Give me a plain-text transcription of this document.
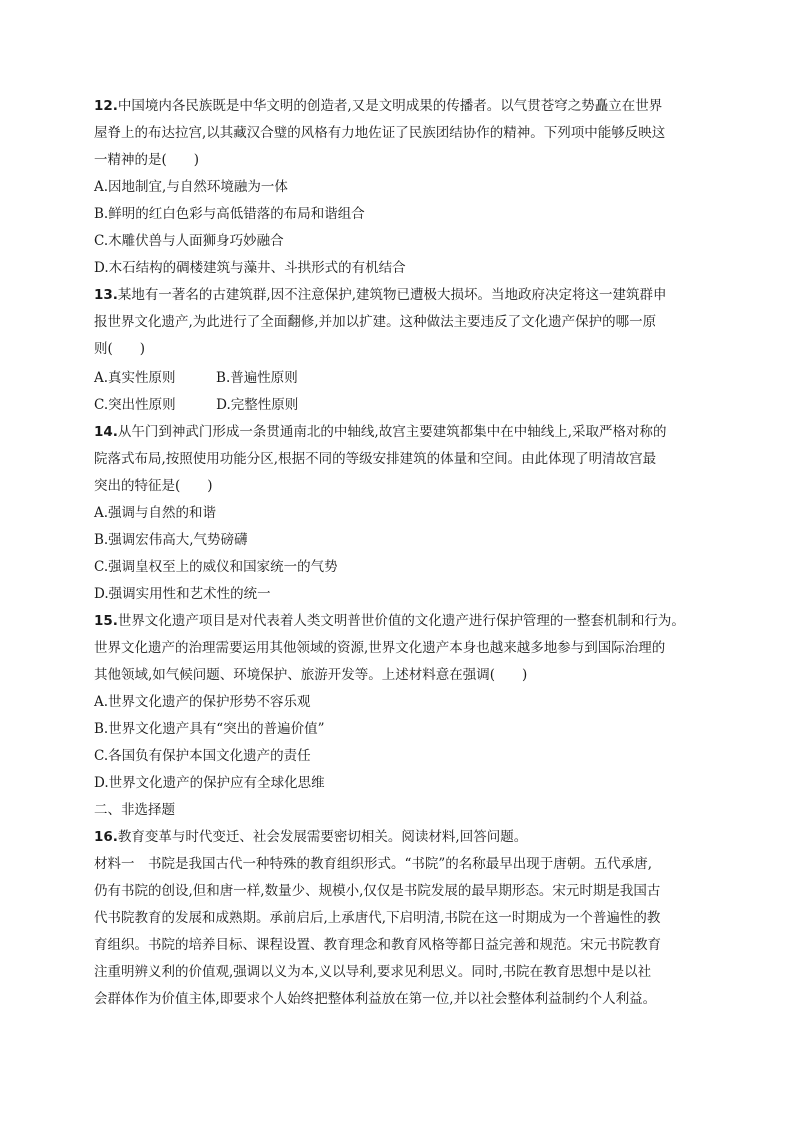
12.中国境内各民族既是中华文明的创造者,又是文明成果的传播者。以气贯苍穹之势矗立在世界
屋脊上的布达拉宫,以其藏汉合璧的风格有力地佐证了民族团结协作的精神。下列项中能够反映这
一精神的是(　　)
A.因地制宜,与自然环境融为一体
B.鲜明的红白色彩与高低错落的布局和谐组合
C.木雕伏兽与人面狮身巧妙融合
D.木石结构的碉楼建筑与藻井、斗拱形式的有机结合
13.某地有一著名的古建筑群,因不注意保护,建筑物已遭极大损坏。当地政府决定将这一建筑群申
报世界文化遗产,为此进行了全面翻修,并加以扩建。这种做法主要违反了文化遗产保护的哪一原
则(　　)
A.真实性原则　　　B.普遍性原则
C.突出性原则　　　D.完整性原则
14.从午门到神武门形成一条贯通南北的中轴线,故宫主要建筑都集中在中轴线上,采取严格对称的
院落式布局,按照使用功能分区,根据不同的等级安排建筑的体量和空间。由此体现了明清故宫最
突出的特征是(　　)
A.强调与自然的和谐
B.强调宏伟高大,气势磅礴
C.强调皇权至上的威仪和国家统一的气势
D.强调实用性和艺术性的统一
15.世界文化遗产项目是对代表着人类文明普世价值的文化遗产进行保护管理的一整套机制和行为。
世界文化遗产的治理需要运用其他领域的资源,世界文化遗产本身也越来越多地参与到国际治理的
其他领域,如气候问题、环境保护、旅游开发等。上述材料意在强调(　　)
A.世界文化遗产的保护形势不容乐观
B.世界文化遗产具有“突出的普遍价值”
C.各国负有保护本国文化遗产的责任
D.世界文化遗产的保护应有全球化思维
二、非选择题
16.教育变革与时代变迁、社会发展需要密切相关。阅读材料,回答问题。
材料一　书院是我国古代一种特殊的教育组织形式。“书院”的名称最早出现于唐朝。五代承唐,
仍有书院的创设,但和唐一样,数量少、规模小,仅仅是书院发展的最早期形态。宋元时期是我国古
代书院教育的发展和成熟期。承前启后,上承唐代,下启明清,书院在这一时期成为一个普遍性的教
育组织。书院的培养目标、课程设置、教育理念和教育风格等都日益完善和规范。宋元书院教育
注重明辨义利的价值观,强调以义为本,义以导利,要求见利思义。同时,书院在教育思想中是以社
会群体作为价值主体,即要求个人始终把整体利益放在第一位,并以社会整体利益制约个人利益。
